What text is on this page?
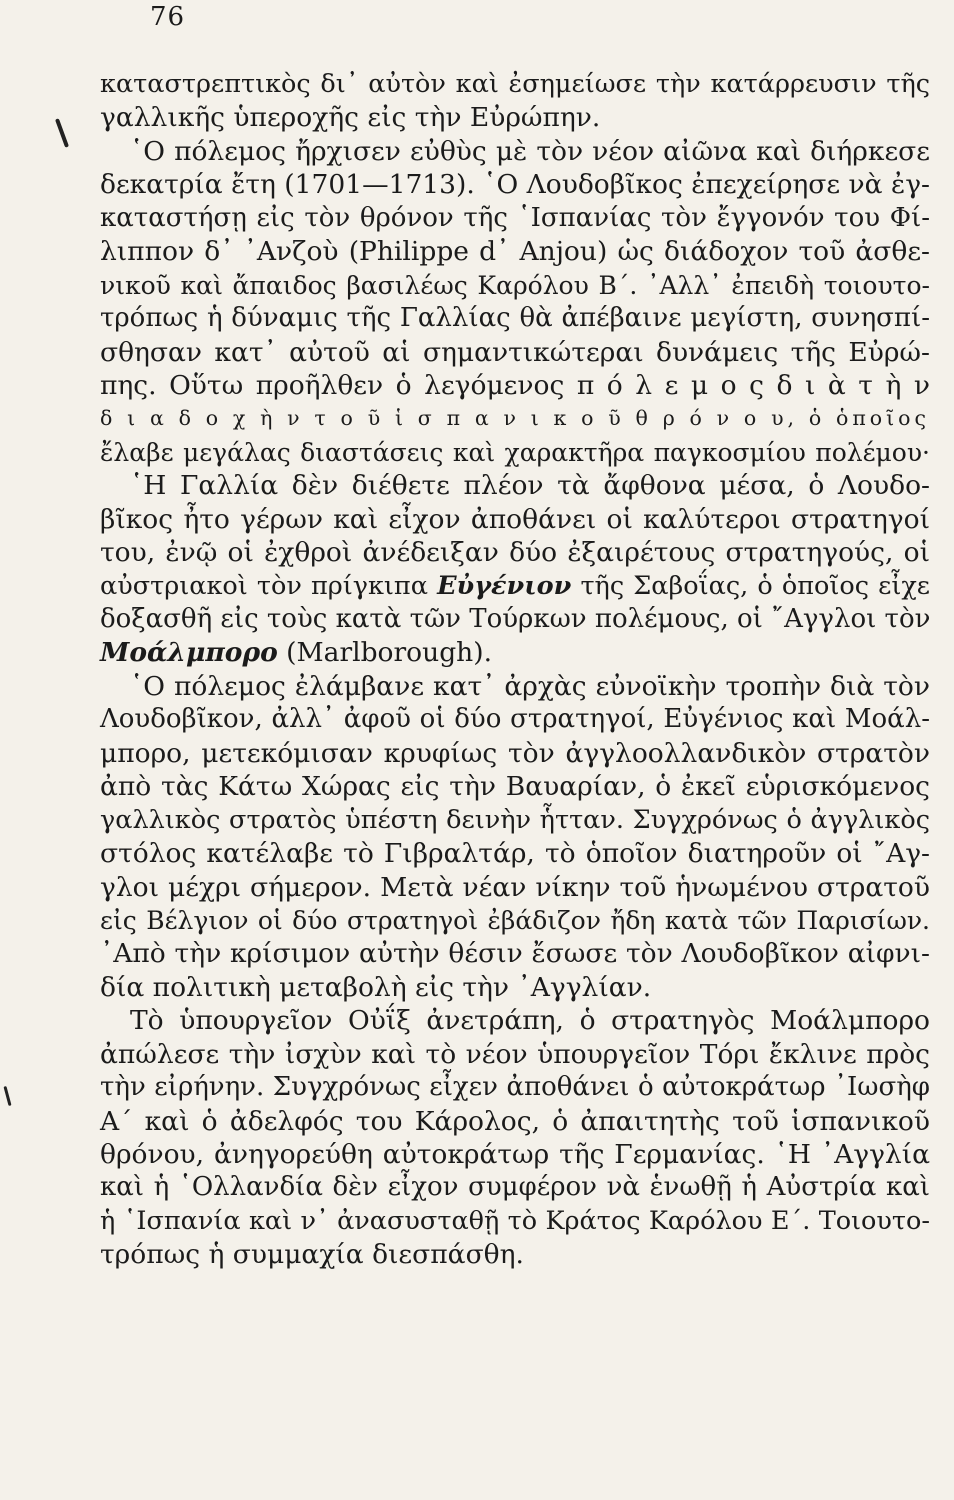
76
καταστρεπτικὸς δι᾽ αὐτὸν καὶ ἐσημείωσε τὴν κατάρρευσιν τῆς
γαλλικῆς ὑπεροχῆς εἰς τὴν Εὐρώπην.
῾Ο πόλεμος ἤρχισεν εὐθὺς μὲ τὸν νέον αἰῶνα καὶ διήρκεσε
δεκατρία ἔτη (1701—1713). ῾Ο Λουδοβῖκος ἐπεχείρησε νὰ ἐγ-
καταστήσῃ εἰς τὸν θρόνον τῆς ῾Ισπανίας τὸν ἔγγονόν του Φί-
λιππον δ᾽ ᾽Ανζοὺ (Philippe d᾽ Anjou) ὡς διάδοχον τοῦ ἀσθε-
νικοῦ καὶ ἄπαιδος βασιλέως Καρόλου Β΄. ᾽Αλλ᾽ ἐπειδὴ τοιουτο-
τρόπως ἡ δύναμις τῆς Γαλλίας θὰ ἀπέβαινε μεγίστη, συνησπί-
σθησαν κατ᾽ αὐτοῦ αἱ σημαντικώτεραι δυνάμεις τῆς Εὐρώ-
πης. Οὕτω προῆλθεν ὁ λεγόμενος π ό λ ε μ ο ς δ ι ὰ τ ὴ ν
δ ι α δ ο χ ὴ ν τ ο ῦ ἱ σ π α ν ι κ ο ῦ θ ρ ό ν ο υ, ὁ ὁποῖος
ἔλαβε μεγάλας διαστάσεις καὶ χαρακτῆρα παγκοσμίου πολέμου·
῾Η Γαλλία δὲν διέθετε πλέον τὰ ἄφθονα μέσα, ὁ Λουδο-
βῖκος ἦτο γέρων καὶ εἶχον ἀποθάνει οἱ καλύτεροι στρατηγοί
του, ἐνῷ οἱ ἐχθροὶ ἀνέδειξαν δύο ἐξαιρέτους στρατηγούς, οἱ
αὐστριακοὶ τὸν πρίγκιπα Εὐγένιον τῆς Σαβοΐας, ὁ ὁποῖος εἶχε
δοξασθῆ εἰς τοὺς κατὰ τῶν Τούρκων πολέμους, οἱ ῎Αγγλοι τὸν
Μοάλμπορο (Marlborough).
῾Ο πόλεμος ἐλάμβανε κατ᾽ ἀρχὰς εὐνοϊκὴν τροπὴν διὰ τὸν
Λουδοβῖκον, ἀλλ᾽ ἀφοῦ οἱ δύο στρατηγοί, Εὐγένιος καὶ Μοάλ-
μπορο, μετεκόμισαν κρυφίως τὸν ἀγγλοολλανδικὸν στρατὸν
ἀπὸ τὰς Κάτω Χώρας εἰς τὴν Βαυαρίαν, ὁ ἐκεῖ εὑρισκόμενος
γαλλικὸς στρατὸς ὑπέστη δεινὴν ἧτταν. Συγχρόνως ὁ ἀγγλικὸς
στόλος κατέλαβε τὸ Γιβραλτάρ, τὸ ὁποῖον διατηροῦν οἱ ῎Αγ-
γλοι μέχρι σήμερον. Μετὰ νέαν νίκην τοῦ ἡνωμένου στρατοῦ
εἰς Βέλγιον οἱ δύο στρατηγοὶ ἐβάδιζον ἤδη κατὰ τῶν Παρισίων.
᾽Απὸ τὴν κρίσιμον αὐτὴν θέσιν ἔσωσε τὸν Λουδοβῖκον αἰφνι-
δία πολιτικὴ μεταβολὴ εἰς τὴν ᾽Αγγλίαν.
Τὸ ὑπουργεῖον Οὐΐξ ἀνετράπη, ὁ στρατηγὸς Μοάλμπορο
ἀπώλεσε τὴν ἰσχὺν καὶ τὸ νέον ὑπουργεῖον Τόρι ἔκλινε πρὸς
τὴν εἰρήνην. Συγχρόνως εἶχεν ἀποθάνει ὁ αὐτοκράτωρ ᾽Ιωσὴφ
Α΄ καὶ ὁ ἀδελφός του Κάρολος, ὁ ἀπαιτητὴς τοῦ ἱσπανικοῦ
θρόνου, ἀνηγορεύθη αὐτοκράτωρ τῆς Γερμανίας. ῾Η ᾽Αγγλία
καὶ ἡ ῾Ολλανδία δὲν εἶχον συμφέρον νὰ ἑνωθῇ ἡ Αὐστρία καὶ
ἡ ῾Ισπανία καὶ ν᾽ ἀνασυσταθῇ τὸ Κράτος Καρόλου Ε΄. Τοιουτο-
τρόπως ἡ συμμαχία διεσπάσθη.
